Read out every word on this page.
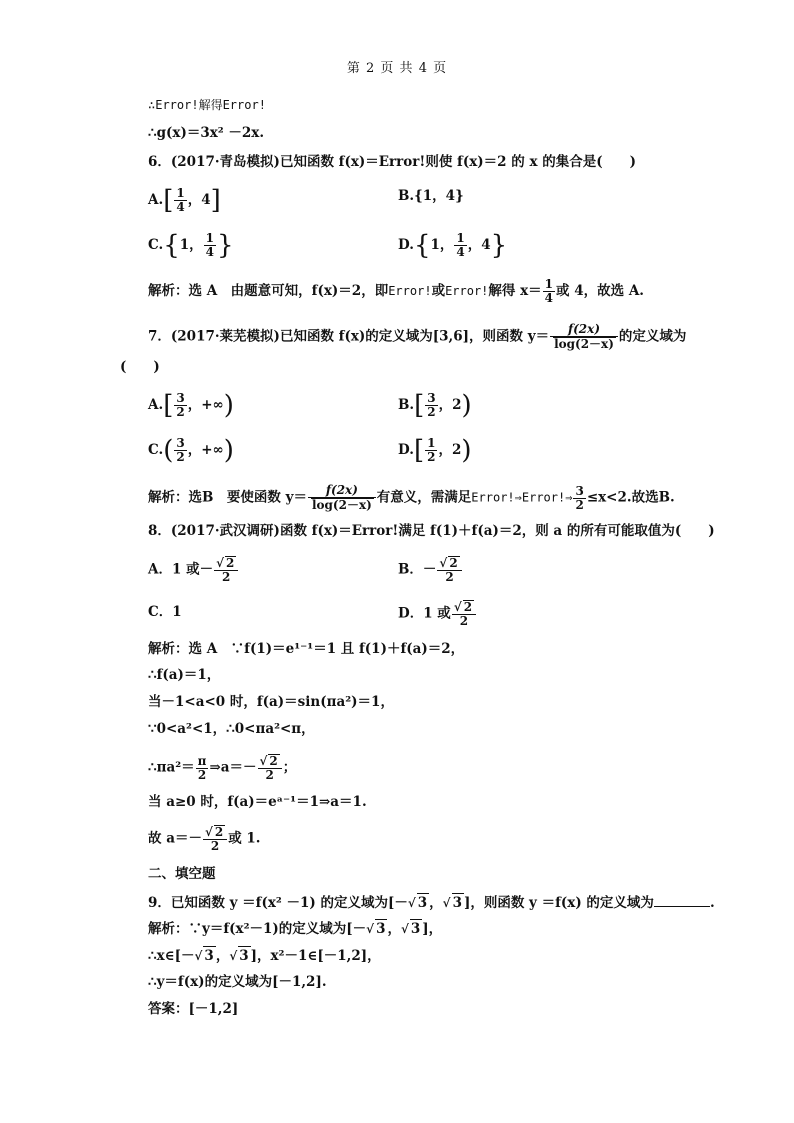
第 2 页 共 4 页
∴Error!解得Error!
∴g(x)＝3x² －2x.
6．(2017·青岛模拟)已知函数 f(x)＝Error!则使 f(x)＝2 的 x 的集合是(　　)
$A.[ \frac{1}{4}$ ，4]	B.{1，4}
C.{1， $\frac{1}{4}$ }	D.{1， $\frac{1}{4}$ ，4}
解析：选 A　由题意可知，f(x)＝2，即Error!或Error!解得 $x= \frac{1}{4}$ 或 4，故选 A.
7．(2017·莱芜模拟)已知函数 f(x)的定义域为[3,6]，则函数 $y= \frac{f(2x)}{\log(2-x)}$ 的定义域为
(　　)
$A.[ \frac{3}{2}$ ，+∞)	$B.[ \frac{3}{2}$ ，2)
$C.( \frac{3}{2}$ ，+∞)	$D.[ \frac{1}{2}$ ，2)
解析：选B　要使函数 $y= \frac{f(2x)}{\log(2-x)}$ 有意义，需满足Error!⇒Error!⇒ $\frac{3}{2} \le x<2$.故选B.
8．(2017·武汉调研)函数 f(x)＝Error!满足 f(1)＋f(a)＝2，则 a 的所有可能取值为(　　)
A．1 或－ $\frac{√ 2}{2}$	B．－ $\frac{√ 2}{2}$
C．1	D．1 或 $\frac{√ 2}{2}$
解析：选 A　∵f(1)＝e¹⁻¹＝1 且 f(1)＋f(a)＝2，
∴f(a)＝1，
当－1<a<0 时，f(a)＝sin(πa²)＝1，
∵0<a²<1，∴0<πa²<π，
∴πa²＝ $\frac{\pi}{2}$ ⇒a＝－ $\frac{√ 2}{2}$ ；
当 a≥0 时，f(a)＝eᵃ⁻¹＝1⇒a＝1.
故 $a=- \frac{√ 2}{2}$ 或 1.
二、填空题
9．已知函数 y ＝f(x² －1) 的定义域为[－√ 3 ，√ 3 ]，则函数 y ＝f(x) 的定义域为	.
解析：∵y＝f(x²－1)的定义域为[－√ 3 ，√ 3 ]，
∴x∈[－√ 3 ，√ 3 ]，x²－1∈[－1,2]，
∴y＝f(x)的定义域为[－1,2].
答案：[－1,2]
